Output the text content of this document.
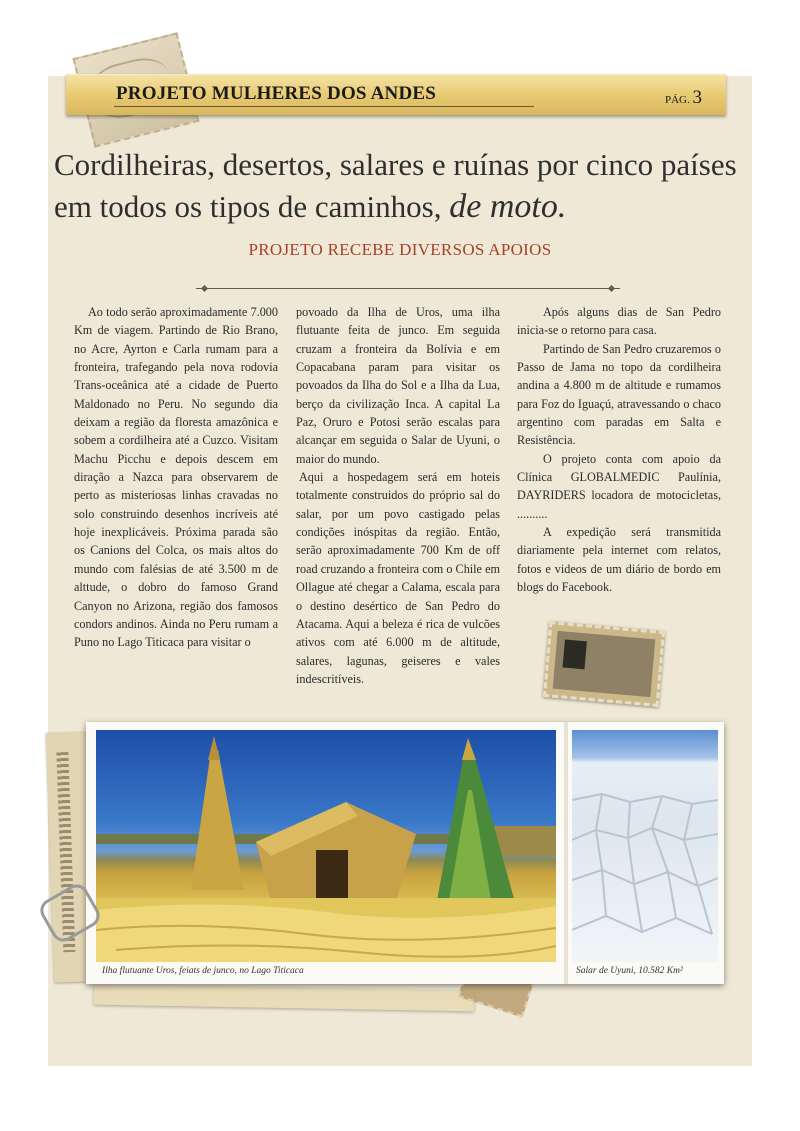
PROJETO MULHERES DOS ANDES	PÁG. 3
Cordilheiras, desertos, salares e ruínas por cinco países em todos os tipos de caminhos, de moto.
PROJETO RECEBE DIVERSOS APOIOS

Ao todo serão aproximadamente 7.000 Km de viagem. Partindo de Rio Brano, no Acre, Ayrton e Carla rumam para a fronteira, trafegando pela nova rodovia Trans-oceânica até a cidade de Puerto Maldonado no Peru. No segundo dia deixam a região da floresta amazônica e sobem a cordilheira até a Cuzco. Visitam Machu Picchu e depois descem em diração a Nazca para observarem de perto as misteriosas linhas cravadas no solo construindo desenhos incríveis até hoje inexplicáveis. Próxima parada são os Canions del Colca, os mais altos do mundo com falésias de até 3.500 m de alttude, o dobro do famoso Grand Canyon no Arizona, região dos famosos condors andinos. Ainda no Peru rumam a Puno no Lago Titicaca para visitar o

povoado da Ilha de Uros, uma ilha flutuante feita de junco. Em seguida cruzam a fronteira da Bolívia e em Copacabana param para visitar os povoados da Ilha do Sol e a Ilha da Lua, berço da civilização Inca. A capital La Paz, Oruro e Potosi serão escalas para alcançar em seguida o Salar de Uyuni, o maior do mundo.

Aqui a hospedagem será em hoteis totalmente construidos do próprio sal do salar, por um povo castigado pelas condições inóspitas da região. Então, serão aproximadamente 700 Km de off road cruzando a fronteira com o Chile em Ollague até chegar a Calama, escala para o destino desértico de San Pedro do Atacama. Aqui a beleza é rica de vulcões ativos com até 6.000 m de altitude, salares, lagunas, geiseres e vales indescritíveis.

Após alguns dias de San Pedro inicia-se o retorno para casa.

Partindo de San Pedro cruzaremos o Passo de Jama no topo da cordilheira andina a 4.800 m de altitude e rumamos para Foz do Iguaçú, atravessando o chaco argentino com paradas em Salta e Resistência.

O projeto conta com apoio da Clínica GLOBALMEDIC Paulínia, DAYRIDERS locadora de motocicletas, ..........

A expedição será transmitida diariamente pela internet com relatos, fotos e videos de um diário de bordo em blogs do Facebook.

Ilha flutuante Uros, feiats de junco, no Lago Titicaca	Salar de Uyuni, 10.582 Km²
